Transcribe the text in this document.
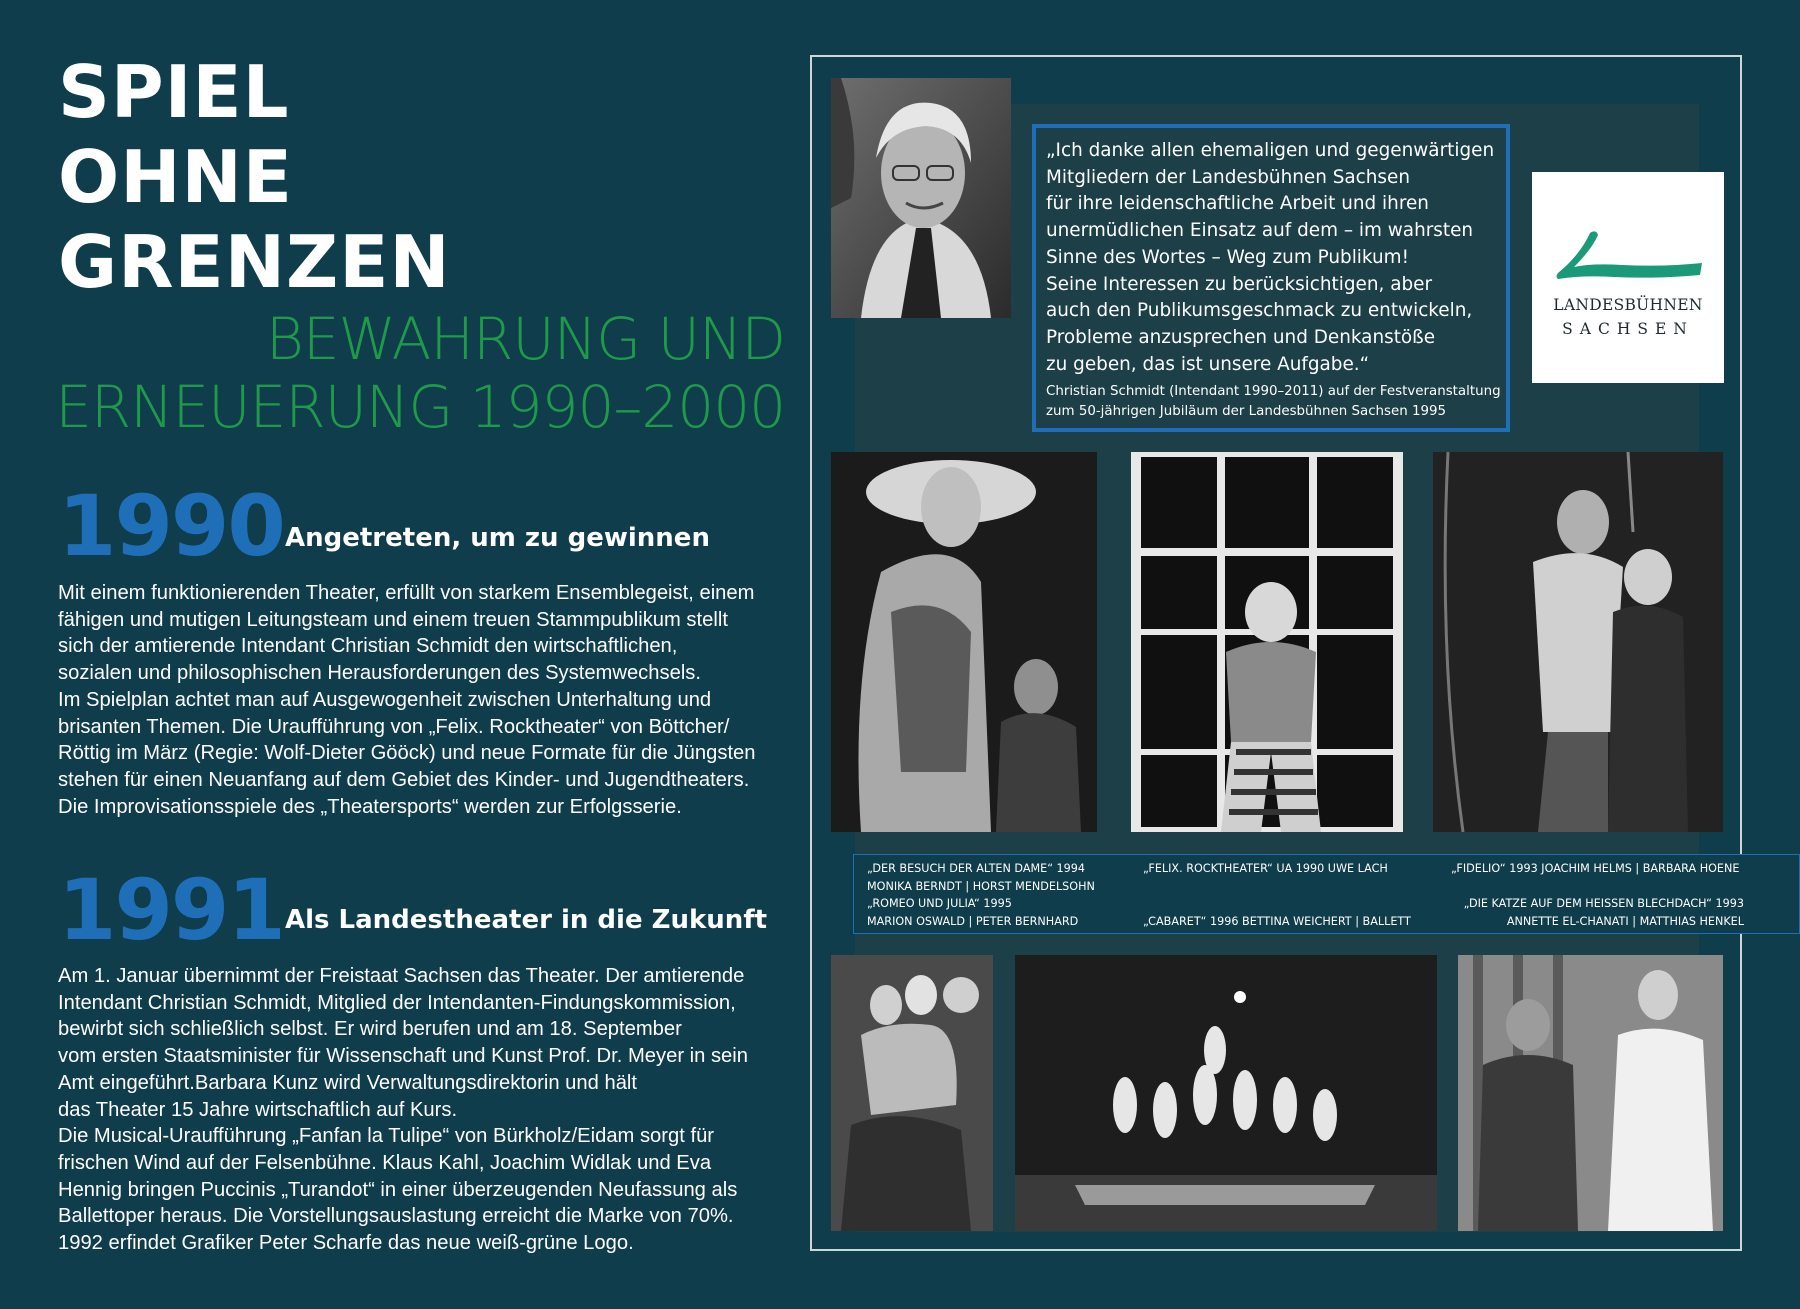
SPIEL
OHNE
GRENZEN
BEWAHRUNG UND
ERNEUERUNG 1990–2000
1990 Angetreten, um zu gewinnen
Mit einem funktionierenden Theater, erfüllt von starkem Ensemblegeist, einem
fähigen und mutigen Leitungsteam und einem treuen Stammpublikum stellt
sich der amtierende Intendant Christian Schmidt den wirtschaftlichen,
sozialen und philosophischen Herausforderungen des Systemwechsels.
Im Spielplan achtet man auf Ausgewogenheit zwischen Unterhaltung und
brisanten Themen. Die Uraufführung von „Felix. Rocktheater“ von Böttcher/
Röttig im März (Regie: Wolf-Dieter Gööck) und neue Formate für die Jüngsten
stehen für einen Neuanfang auf dem Gebiet des Kinder- und Jugendtheaters.
Die Improvisationsspiele des „Theatersports“ werden zur Erfolgsserie.
1991 Als Landestheater in die Zukunft
Am 1. Januar übernimmt der Freistaat Sachsen das Theater. Der amtierende
Intendant Christian Schmidt, Mitglied der Intendanten-Findungskommission,
bewirbt sich schließlich selbst. Er wird berufen und am 18. September
vom ersten Staatsminister für Wissenschaft und Kunst Prof. Dr. Meyer in sein
Amt eingeführt.Barbara Kunz wird Verwaltungsdirektorin und hält
das Theater 15 Jahre wirtschaftlich auf Kurs.
Die Musical-Uraufführung „Fanfan la Tulipe“ von Bürkholz/Eidam sorgt für
frischen Wind auf der Felsenbühne. Klaus Kahl, Joachim Widlak und Eva
Hennig bringen Puccinis „Turandot“ in einer überzeugenden Neufassung als
Ballettoper heraus. Die Vorstellungsauslastung erreicht die Marke von 70%.
1992 erfindet Grafiker Peter Scharfe das neue weiß-grüne Logo.
„Ich danke allen ehemaligen und gegenwärtigen
Mitgliedern der Landesbühnen Sachsen
für ihre leidenschaftliche Arbeit und ihren
unermüdlichen Einsatz auf dem – im wahrsten
Sinne des Wortes – Weg zum Publikum!
Seine Interessen zu berücksichtigen, aber
auch den Publikumsgeschmack zu entwickeln,
Probleme anzusprechen und Denkanstöße
zu geben, das ist unsere Aufgabe.“
Christian Schmidt (Intendant 1990–2011) auf der Festveranstaltung
zum 50-jährigen Jubiläum der Landesbühnen Sachsen 1995
LANDESBÜHNEN
SACHSEN
„DER BESUCH DER ALTEN DAME“ 1994
MONIKA BERNDT | HORST MENDELSOHN
„ROMEO UND JULIA“ 1995
MARION OSWALD | PETER BERNHARD
„FELIX. ROCKTHEATER“ UA 1990 UWE LACH
„CABARET“ 1996 BETTINA WEICHERT | BALLETT
„FIDELIO“ 1993 JOACHIM HELMS | BARBARA HOENE
„DIE KATZE AUF DEM HEISSEN BLECHDACH“ 1993
ANNETTE EL-CHANATI | MATTHIAS HENKEL
